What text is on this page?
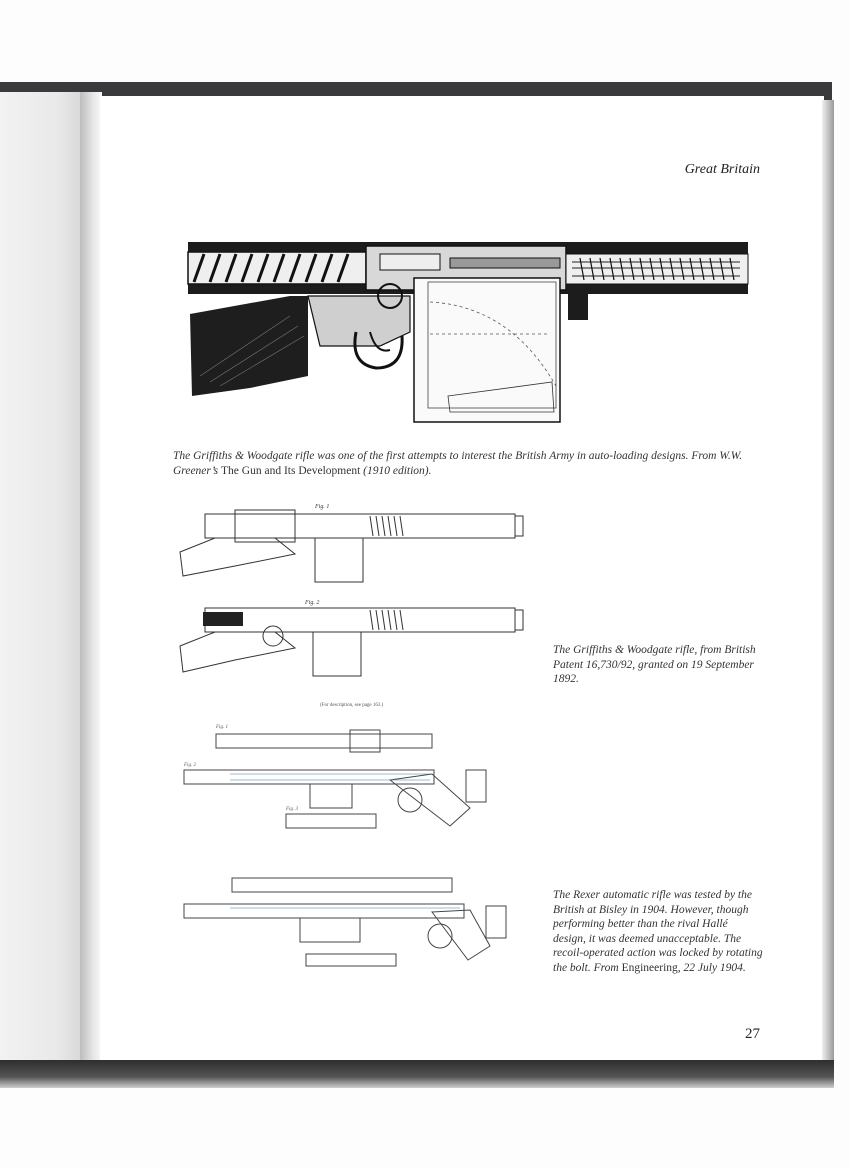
Great Britain
The Griffiths & Woodgate rifle was one of the first attempts to interest the British Army in auto-loading designs. From W.W. Greener’s The Gun and Its Development (1910 edition).
Fig. 1
Fig. 2
The Griffiths & Woodgate rifle, from British Patent 16,730/92, granted on 19 September 1892.
(For description, see page 163.)
Fig. 1
Fig. 2
Fig. 3
The Rexer automatic rifle was tested by the British at Bisley in 1904. However, though performing better than the rival Hallé design, it was deemed unacceptable. The recoil-operated action was locked by rotating the bolt. From Engineering, 22 July 1904.
27
